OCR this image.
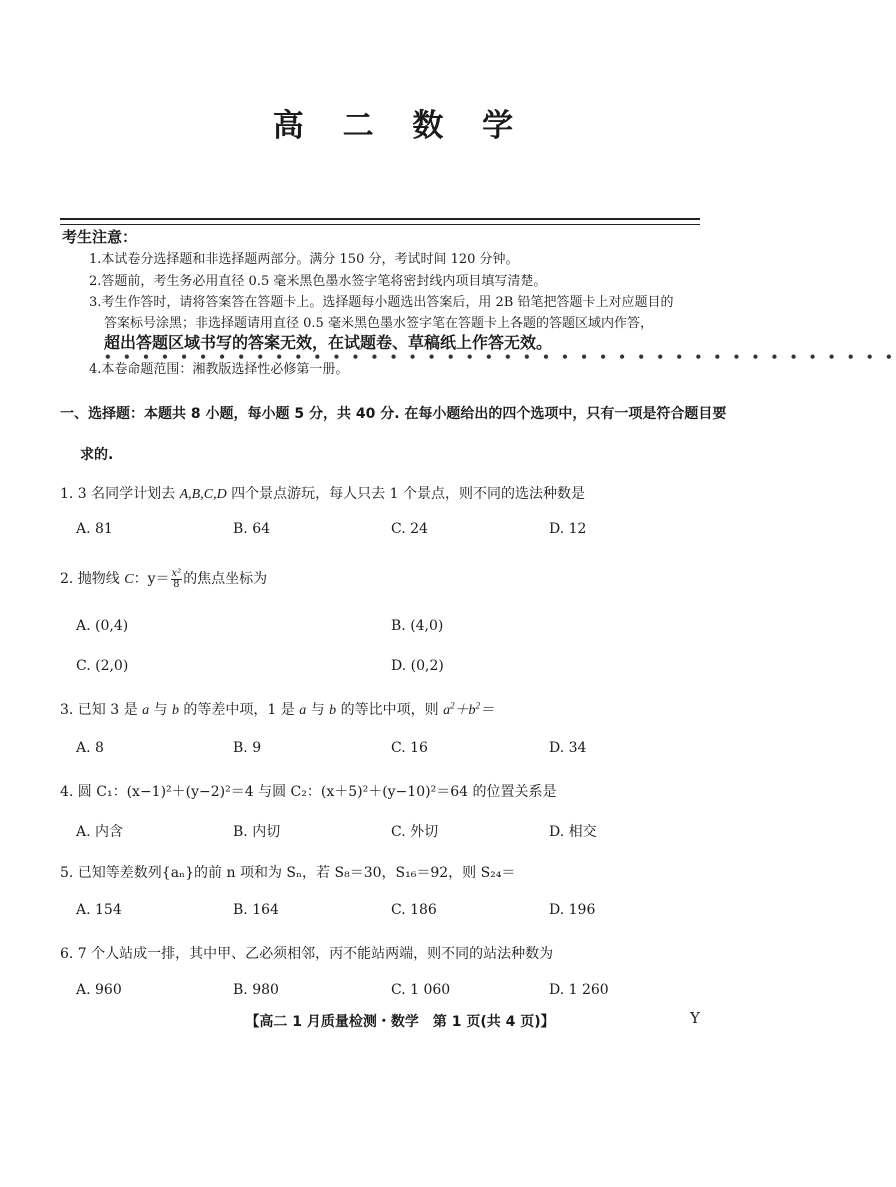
高 二 数 学
考生注意：
1.本试卷分选择题和非选择题两部分。满分 150 分，考试时间 120 分钟。
2.答题前，考生务必用直径 0.5 毫米黑色墨水签字笔将密封线内项目填写清楚。
3.考生作答时，请将答案答在答题卡上。选择题每小题选出答案后，用 2B 铅笔把答题卡上对应题目的
答案标号涂黑；非选择题请用直径 0.5 毫米黑色墨水签字笔在答题卡上各题的答题区域内作答，
超出答题区域书写的答案无效，在试题卷、草稿纸上作答无效。
• • • • • • • • • • • • • • • • • • • • • • • • • • • • • • • • • • • • • • • • • •
4.本卷命题范围：湘教版选择性必修第一册。
一、选择题：本题共 8 小题，每小题 5 分，共 40 分. 在每小题给出的四个选项中，只有一项是符合题目要
求的.
1. 3 名同学计划去 A,B,C,D 四个景点游玩，每人只去 1 个景点，则不同的选法种数是
A. 81	B. 64	C. 24	D. 12
2. 抛物线 C：$y= \frac{\text{x²}}{8}$ 的焦点坐标为
A. (0,4)	B. (4,0)
C. (2,0)	D. (0,2)
3. 已知 3 是 a 与 b 的等差中项，1 是 a 与 b 的等比中项，则 $a^2+b^2=$
A. 8	B. 9	C. 16	D. 34
4. 圆 C₁：(x−1)²＋(y−2)²＝4 与圆 C₂：(x＋5)²＋(y−10)²＝64 的位置关系是
A. 内含	B. 内切	C. 外切	D. 相交
5. 已知等差数列{aₙ}的前 n 项和为 Sₙ，若 S₈＝30，S₁₆＝92，则 S₂₄＝
A. 154	B. 164	C. 186	D. 196
6. 7 个人站成一排，其中甲、乙必须相邻，丙不能站两端，则不同的站法种数为
A. 960	B. 980	C. 1 060	D. 1 260
【高二 1 月质量检测・数学　第 1 页(共 4 页)】	Y
